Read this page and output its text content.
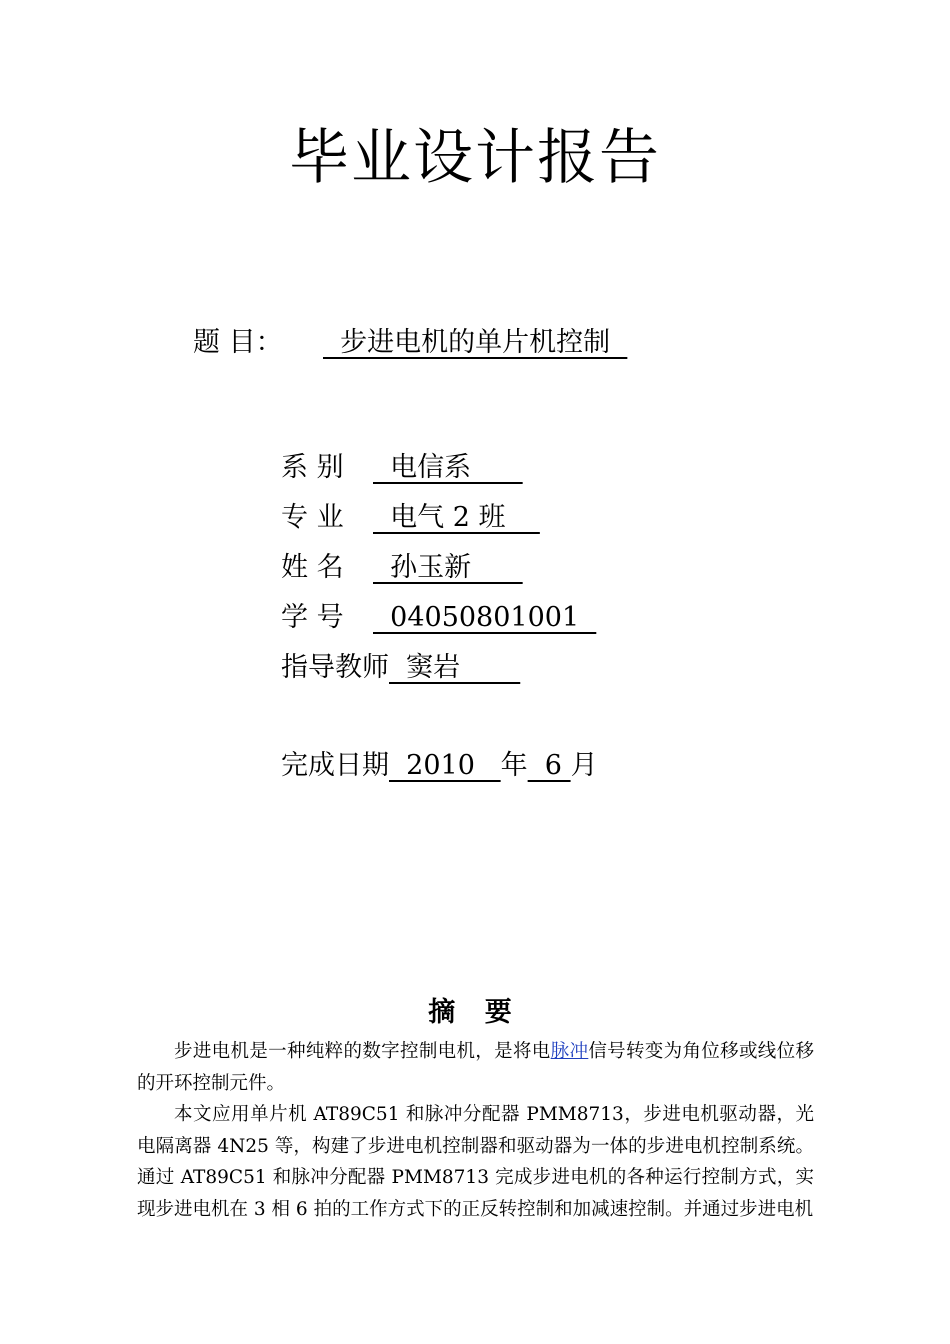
毕业设计报告
题 目：  步进电机的单片机控制
系 别  电信系
专 业  电气 2 班
姓 名  孙玉新
学 号  04050801001
指导教师  窦岩
完成日期  2010   年  6 月
摘 要

步进电机是一种纯粹的数字控制电机，是将电脉冲信号转变为角位移或线位移的开环控制元件。

本文应用单片机 AT89C51 和脉冲分配器 PMM8713，步进电机驱动器，光电隔离器 4N25 等，构建了步进电机控制器和驱动器为一体的步进电机控制系统。通过 AT89C51 和脉冲分配器 PMM8713 完成步进电机的各种运行控制方式，实现步进电机在 3 相 6 拍的工作方式下的正反转控制和加减速控制。并通过步进电机
